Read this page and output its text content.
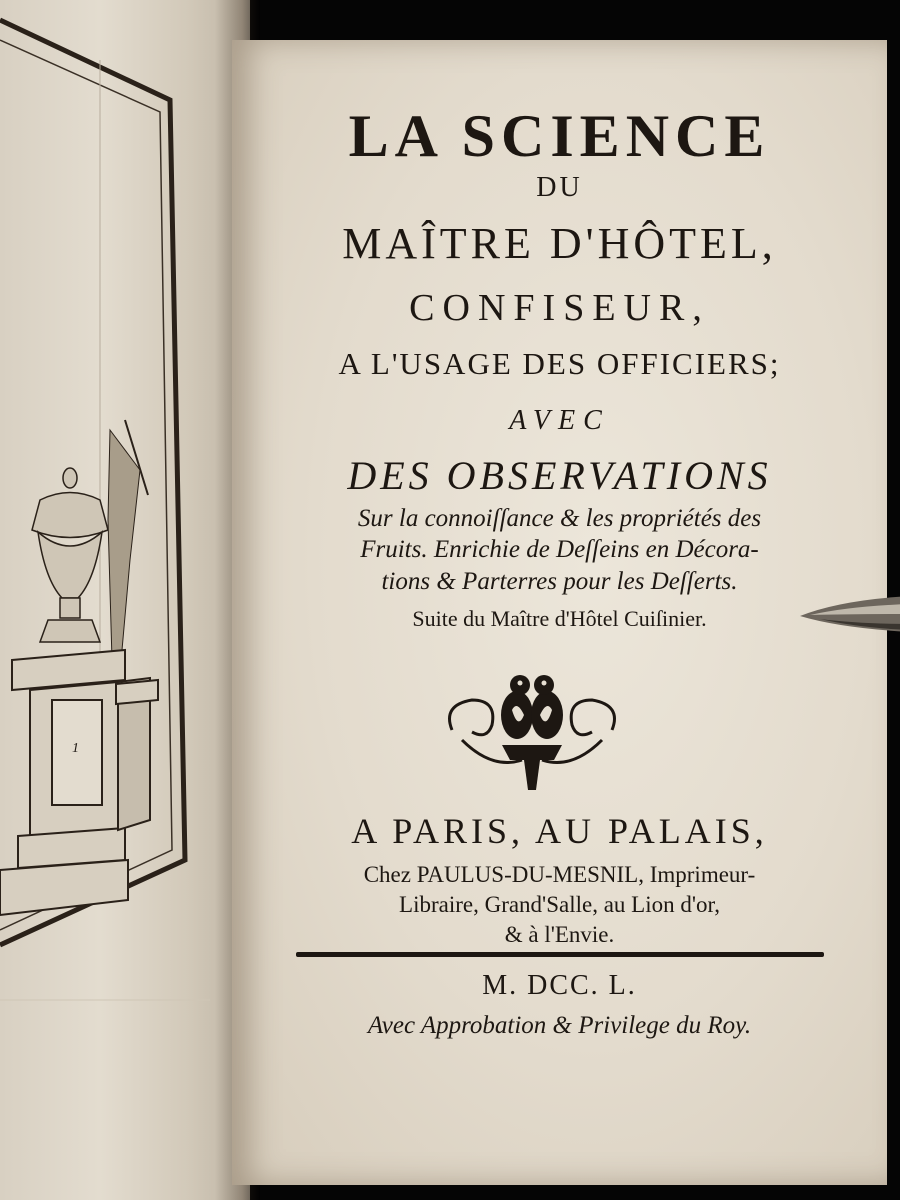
1
LA SCIENCE
DU
MAÎTRE D'HÔTEL,
CONFISEUR,
A L'USAGE DES OFFICIERS;
AVEC
DES OBSERVATIONS
Sur la connoiſſance & les propriétés des
Fruits. Enrichie de Deſſeins en Décora-
tions & Parterres pour les Deſſerts.
Suite du Maître d'Hôtel Cuiſinier.
A PARIS, AU PALAIS,
Chez PAULUS-DU-MESNIL, Imprimeur-
Libraire, Grand'Salle, au Lion d'or,
& à l'Envie.
M. DCC. L.
Avec Approbation & Privilege du Roy.
